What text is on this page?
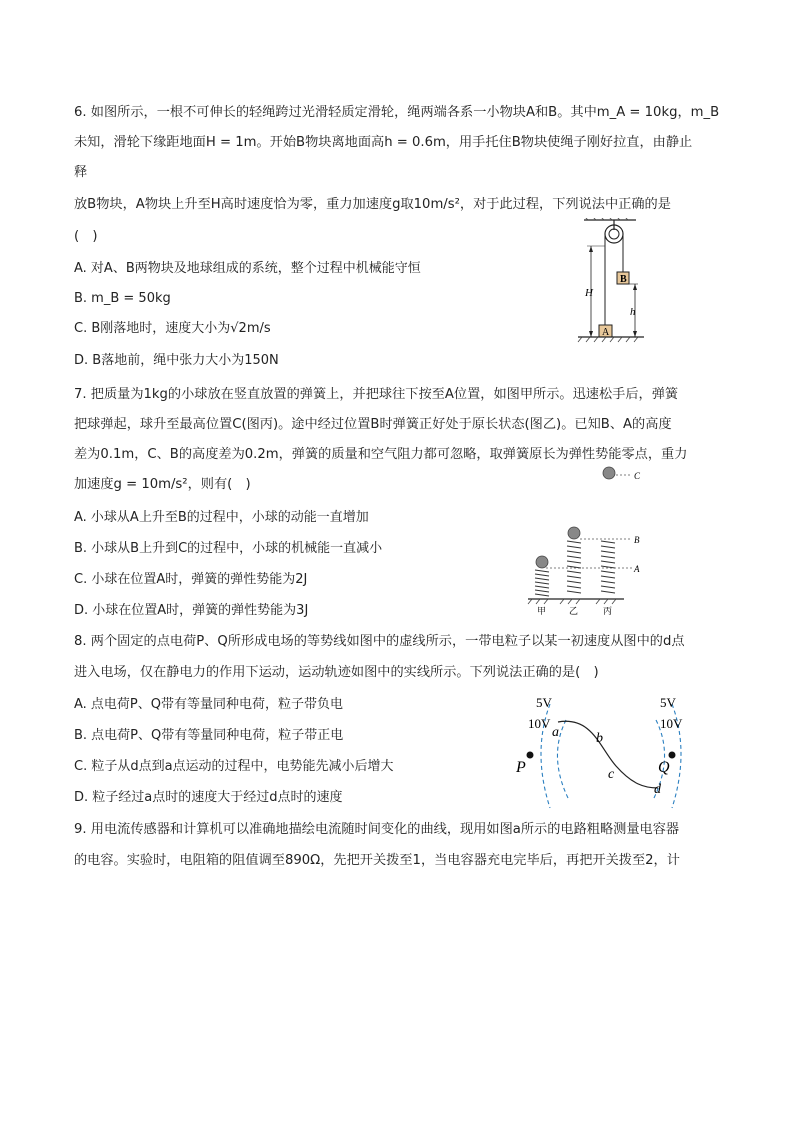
6. 如图所示，一根不可伸长的轻绳跨过光滑轻质定滑轮，绳两端各系一小物块A和B。其中m_A = 10kg，m_B
未知，滑轮下缘距地面H = 1m。开始B物块离地面高h = 0.6m，用手托住B物块使绳子刚好拉直，由静止
释
放B物块，A物块上升至H高时速度恰为零，重力加速度g取10m/s²，对于此过程，下列说法中正确的是
(　)
A. 对A、B两物块及地球组成的系统，整个过程中机械能守恒
B. m_B = 50kg
C. B刚落地时，速度大小为√2m/s
D. B落地前，绳中张力大小为150N
B
A
H
h
7. 把质量为1kg的小球放在竖直放置的弹簧上，并把球往下按至A位置，如图甲所示。迅速松手后，弹簧
把球弹起，球升至最高位置C(图丙)。途中经过位置B时弹簧正好处于原长状态(图乙)。已知B、A的高度
差为0.1m，C、B的高度差为0.2m，弹簧的质量和空气阻力都可忽略，取弹簧原长为弹性势能零点，重力
加速度g = 10m/s²，则有(　)
A. 小球从A上升至B的过程中，小球的动能一直增加
B. 小球从B上升到C的过程中，小球的机械能一直减小
C. 小球在位置A时，弹簧的弹性势能为2J
D. 小球在位置A时，弹簧的弹性势能为3J
C
B
A
甲	乙	丙
8. 两个固定的点电荷P、Q所形成电场的等势线如图中的虚线所示，一带电粒子以某一初速度从图中的d点
进入电场，仅在静电力的作用下运动，运动轨迹如图中的实线所示。下列说法正确的是(　)
A. 点电荷P、Q带有等量同种电荷，粒子带负电
B. 点电荷P、Q带有等量同种电荷，粒子带正电
C. 粒子从d点到a点运动的过程中，电势能先减小后增大
D. 粒子经过a点时的速度大于经过d点时的速度
5V
10V
5V
10V
a	b
c
d
P	Q
9. 用电流传感器和计算机可以准确地描绘电流随时间变化的曲线，现用如图a所示的电路粗略测量电容器
的电容。实验时，电阻箱的阻值调至890Ω，先把开关拨至1，当电容器充电完毕后，再把开关拨至2，计
